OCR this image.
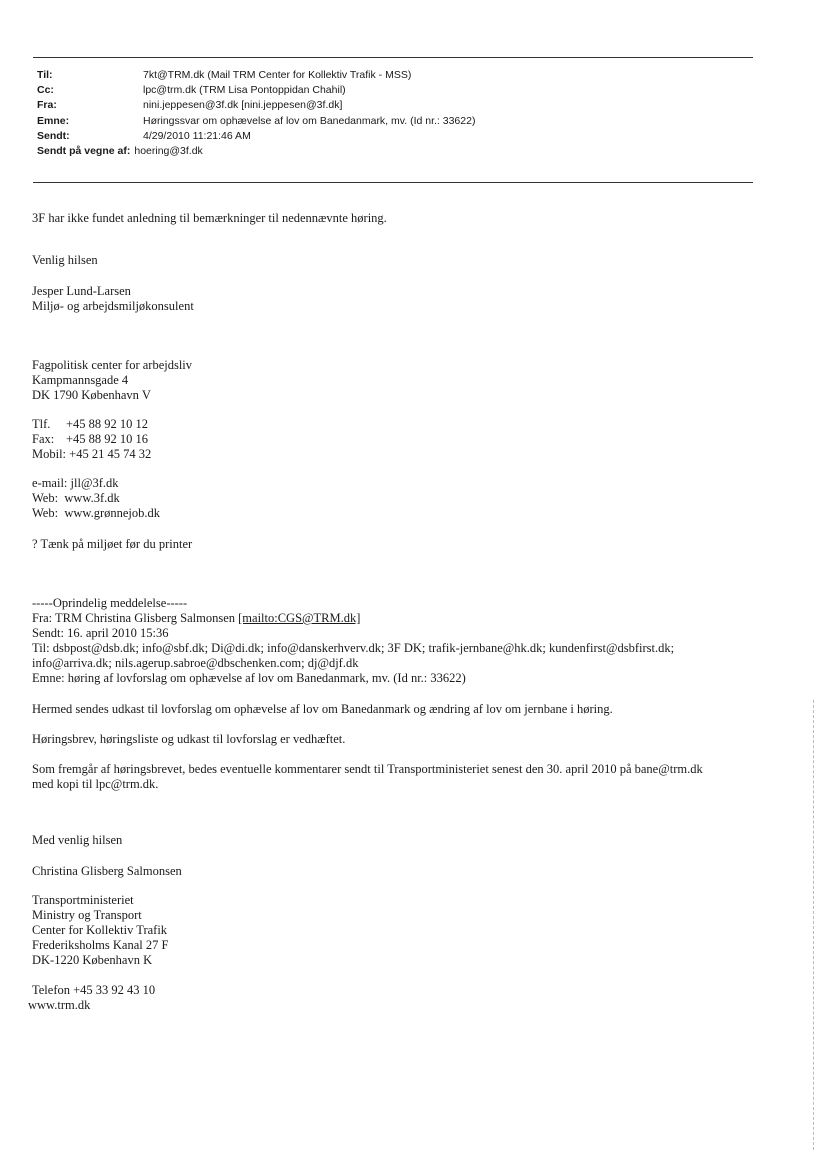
Til:	7kt@TRM.dk (Mail TRM Center for Kollektiv Trafik - MSS)
Cc:	lpc@trm.dk (TRM Lisa Pontoppidan Chahil)
Fra:	nini.jeppesen@3f.dk [nini.jeppesen@3f.dk]
Emne:	Høringssvar om ophævelse af lov om Banedanmark, mv. (Id nr.: 33622)
Sendt:	4/29/2010 11:21:46 AM
Sendt på vegne af: hoering@3f.dk
3F har ikke fundet anledning til bemærkninger til nedennævnte høring.
Venlig hilsen
Jesper Lund-Larsen
Miljø- og arbejdsmiljøkonsulent
Fagpolitisk center for arbejdsliv
Kampmannsgade 4
DK 1790 København V
Tlf. +45 88 92 10 12
Fax: +45 88 92 10 16
Mobil: +45 21 45 74 32
e-mail: jll@3f.dk
Web: www.3f.dk
Web: www.grønnejob.dk
? Tænk på miljøet før du printer
-----Oprindelig meddelelse-----
Fra: TRM Christina Glisberg Salmonsen [mailto:CGS@TRM.dk]
Sendt: 16. april 2010 15:36
Til: dsbpost@dsb.dk; info@sbf.dk; Di@di.dk; info@danskerhverv.dk; 3F DK; trafik-jernbane@hk.dk; kundenfirst@dsbfirst.dk;
info@arriva.dk; nils.agerup.sabroe@dbschenken.com; dj@djf.dk
Emne: høring af lovforslag om ophævelse af lov om Banedanmark, mv. (Id nr.: 33622)
Hermed sendes udkast til lovforslag om ophævelse af lov om Banedanmark og ændring af lov om jernbane i høring.
Høringsbrev, høringsliste og udkast til lovforslag er vedhæftet.
Som fremgår af høringsbrevet, bedes eventuelle kommentarer sendt til Transportministeriet senest den 30. april 2010 på bane@trm.dk
med kopi til lpc@trm.dk.
Med venlig hilsen
Christina Glisberg Salmonsen
Transportministeriet
Ministry og Transport
Center for Kollektiv Trafik
Frederiksholms Kanal 27 F
DK-1220 København K
Telefon +45 33 92 43 10
www.trm.dk
